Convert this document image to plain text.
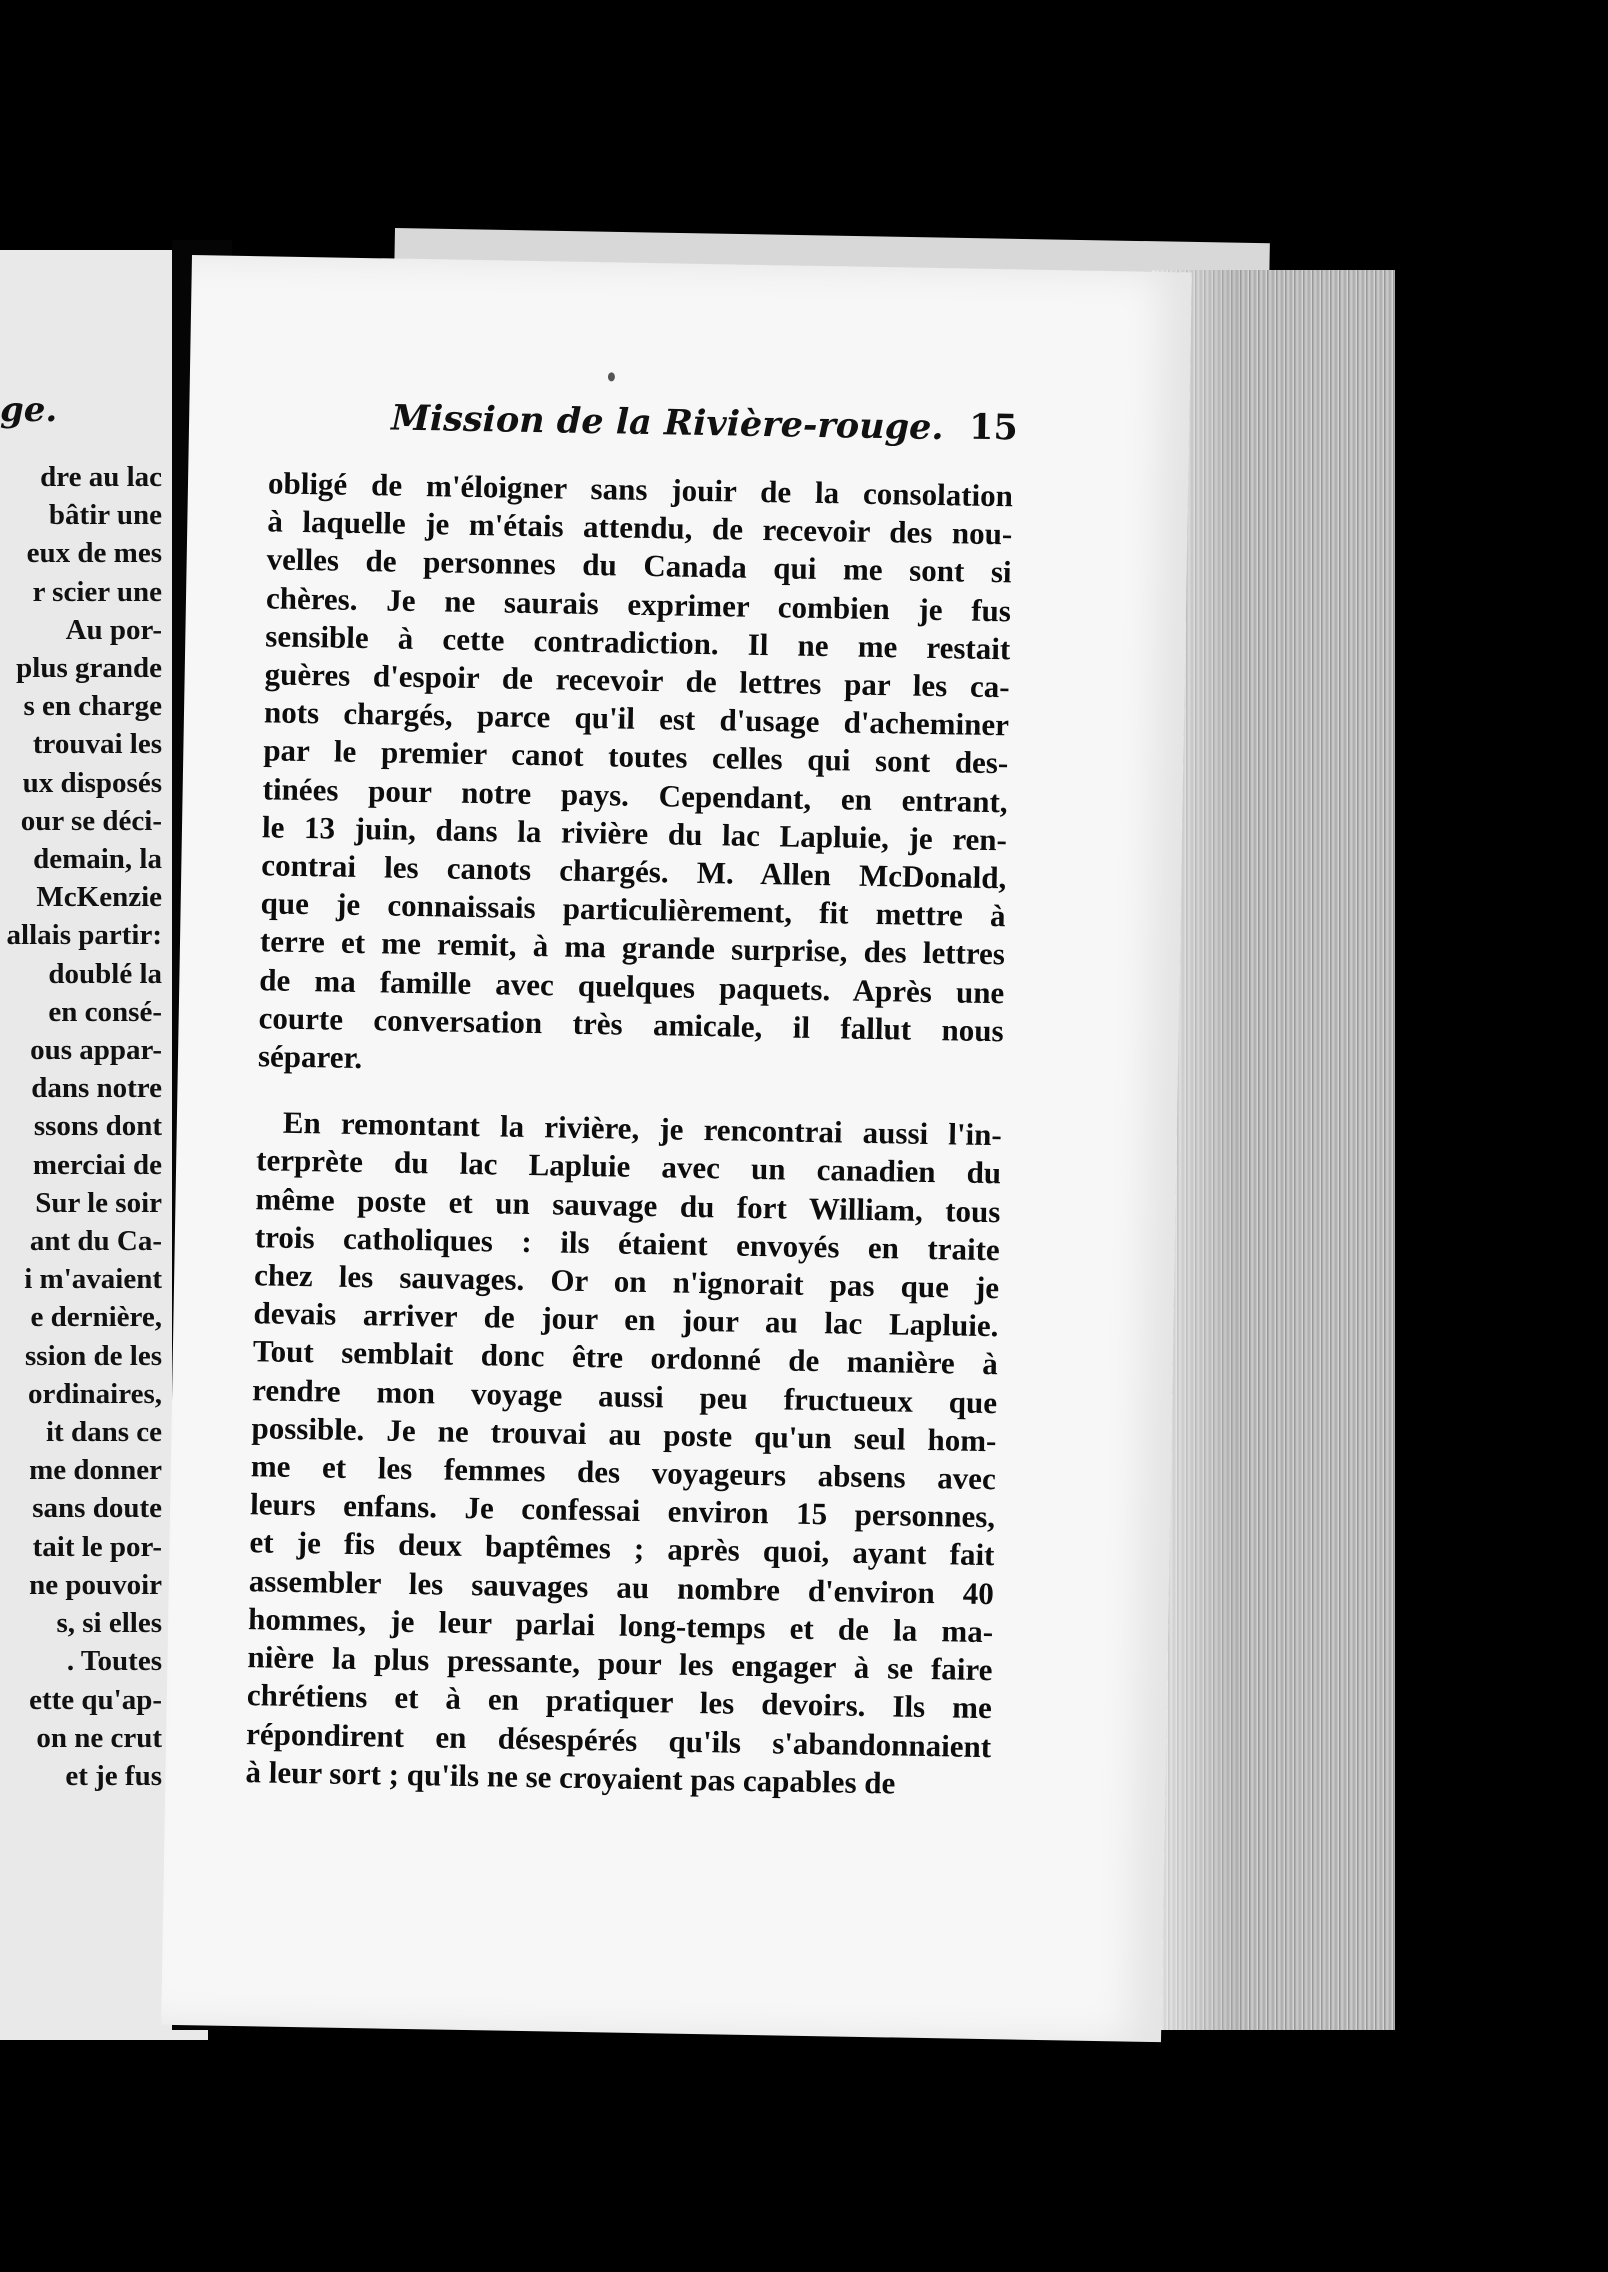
ge.
dre au lac
bâtir une
eux de mes
r scier une
Au por-
plus grande
s en charge
trouvai les
ux disposés
our se déci-
demain, la
McKenzie
allais partir:
doublé la
en consé-
ous appar-
dans notre
ssons dont
merciai de
Sur le soir
ant du Ca-
i m'avaient
e dernière,
ssion de les
ordinaires,
it dans ce
me donner
sans doute
tait le por-
ne pouvoir
s, si elles
. Toutes
ette qu'ap-
on ne crut
et je fus
Mission de la Rivière-rouge. 15
obligé de m'éloigner sans jouir de la consolation
à laquelle je m'étais attendu, de recevoir des nou-
velles de personnes du Canada qui me sont si
chères. Je ne saurais exprimer combien je fus
sensible à cette contradiction. Il ne me restait
guères d'espoir de recevoir de lettres par les ca-
nots chargés, parce qu'il est d'usage d'acheminer
par le premier canot toutes celles qui sont des-
tinées pour notre pays. Cependant, en entrant,
le 13 juin, dans la rivière du lac Lapluie, je ren-
contrai les canots chargés. M. Allen McDonald,
que je connaissais particulièrement, fit mettre à
terre et me remit, à ma grande surprise, des lettres
de ma famille avec quelques paquets. Après une
courte conversation très amicale, il fallut nous
séparer.
En remontant la rivière, je rencontrai aussi l'in-
terprète du lac Lapluie avec un canadien du
même poste et un sauvage du fort William, tous
trois catholiques : ils étaient envoyés en traite
chez les sauvages. Or on n'ignorait pas que je
devais arriver de jour en jour au lac Lapluie.
Tout semblait donc être ordonné de manière à
rendre mon voyage aussi peu fructueux que
possible. Je ne trouvai au poste qu'un seul hom-
me et les femmes des voyageurs absens avec
leurs enfans. Je confessai environ 15 personnes,
et je fis deux baptêmes ; après quoi, ayant fait
assembler les sauvages au nombre d'environ 40
hommes, je leur parlai long-temps et de la ma-
nière la plus pressante, pour les engager à se faire
chrétiens et à en pratiquer les devoirs. Ils me
répondirent en désespérés qu'ils s'abandonnaient
à leur sort ; qu'ils ne se croyaient pas capables de
